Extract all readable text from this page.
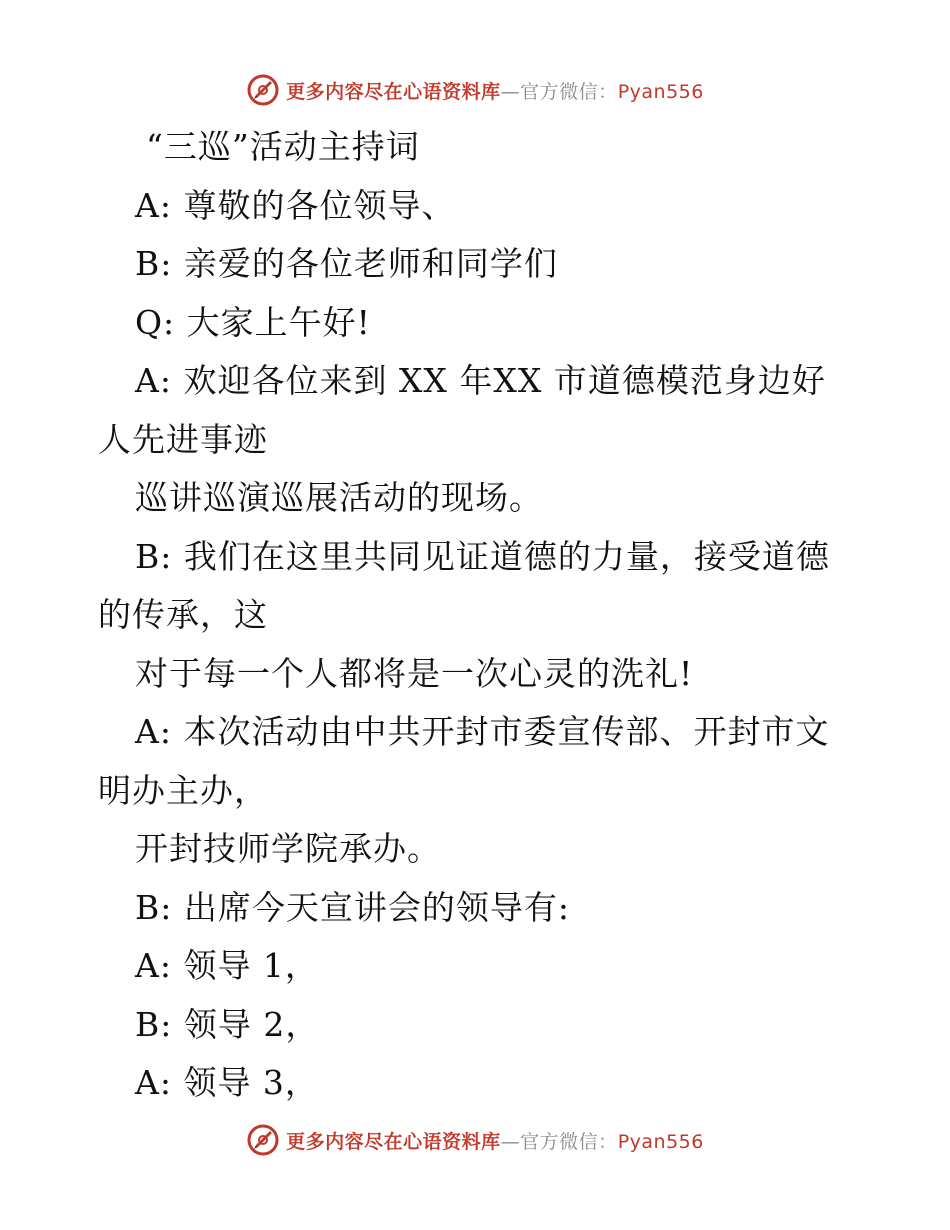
更多内容尽在心语资料库—官方微信：Pyan556
“三巡”活动主持词
A: 尊敬的各位领导、
B: 亲爱的各位老师和同学们
Q: 大家上午好!
A: 欢迎各位来到 XX 年XX 市道德模范身边好
人先进事迹
巡讲巡演巡展活动的现场。
B: 我们在这里共同见证道德的力量，接受道德
的传承，这
对于每一个人都将是一次心灵的洗礼!
A: 本次活动由中共开封市委宣传部、开封市文
明办主办，
开封技师学院承办。
B: 出席今天宣讲会的领导有:
A: 领导 1，
B: 领导 2，
A: 领导 3，
更多内容尽在心语资料库—官方微信：Pyan556
